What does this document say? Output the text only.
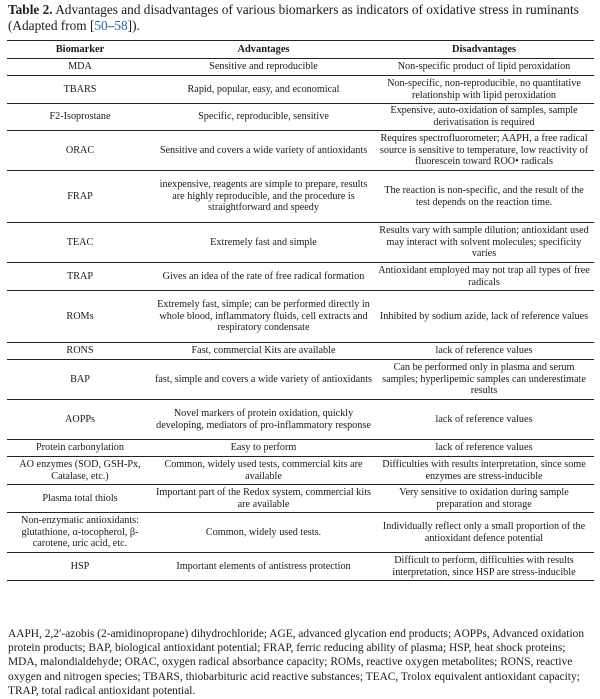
Table 2. Advantages and disadvantages of various biomarkers as indicators of oxidative stress in ruminants (Adapted from [50–58]).
Biomarker	Advantages	Disadvantages
MDA	Sensitive and reproducible	Non-specific product of lipid peroxidation
TBARS	Rapid, popular, easy, and economical	Non-specific, non-reproducible, no quantitative relationship with lipid peroxidation
F2-Isoprostane	Specific, reproducible, sensitive	Expensive, auto-oxidation of samples, sample derivatisation is required
ORAC	Sensitive and covers a wide variety of antioxidants	Requires spectrofluorometer; AAPH, a free radical source is sensitive to temperature, low reactivity of fluorescein toward ROO• radicals
FRAP	inexpensive, reagents are simple to prepare, results are highly reproducible, and the procedure is straightforward and speedy	The reaction is non-specific, and the result of the test depends on the reaction time.
TEAC	Extremely fast and simple	Results vary with sample dilution; antioxidant used may interact with solvent molecules; specificity varies
TRAP	Gives an idea of the rate of free radical formation	Antioxidant employed may not trap all types of free radicals
ROMs	Extremely fast, simple; can be performed directly in whole blood, inflammatory fluids, cell extracts and respiratory condensate	Inhibited by sodium azide, lack of reference values
RONS	Fast, commercial Kits are available	lack of reference values
BAP	fast, simple and covers a wide variety of antioxidants	Can be performed only in plasma and serum samples; hyperlipemic samples can underestimate results
AOPPs	Novel markers of protein oxidation, quickly developing, mediators of pro-inflammatory response	lack of reference values
Protein carbonylation	Easy to perform	lack of reference values
AO enzymes (SOD, GSH-Px, Catalase, etc.)	Common, widely used tests, commercial kits are available	Difficulties with results interpretation, since some enzymes are stress-inducible
Plasma total thiols	Important part of the Redox system, commercial kits are available	Very sensitive to oxidation during sample preparation and storage
Non-enzymatic antioxidants: glutathione, α-tocopherol, β-carotene, uric acid, etc.	Common, widely used tests.	Individually reflect only a small proportion of the antioxidant defence potential
HSP	Important elements of antistress protection	Difficult to perform, difficulties with results interpretation, since HSP are stress-inducible
AAPH, 2,2′-azobis (2-amidinopropane) dihydrochloride; AGE, advanced glycation end products; AOPPs, Advanced oxidation protein products; BAP, biological antioxidant potential; FRAP, ferric reducing ability of plasma; HSP, heat shock proteins; MDA, malondialdehyde; ORAC, oxygen radical absorbance capacity; ROMs, reactive oxygen metabolites; RONS, reactive oxygen and nitrogen species; TBARS, thiobarbituric acid reactive substances; TEAC, Trolox equivalent antioxidant capacity; TRAP, total radical antioxidant potential.
